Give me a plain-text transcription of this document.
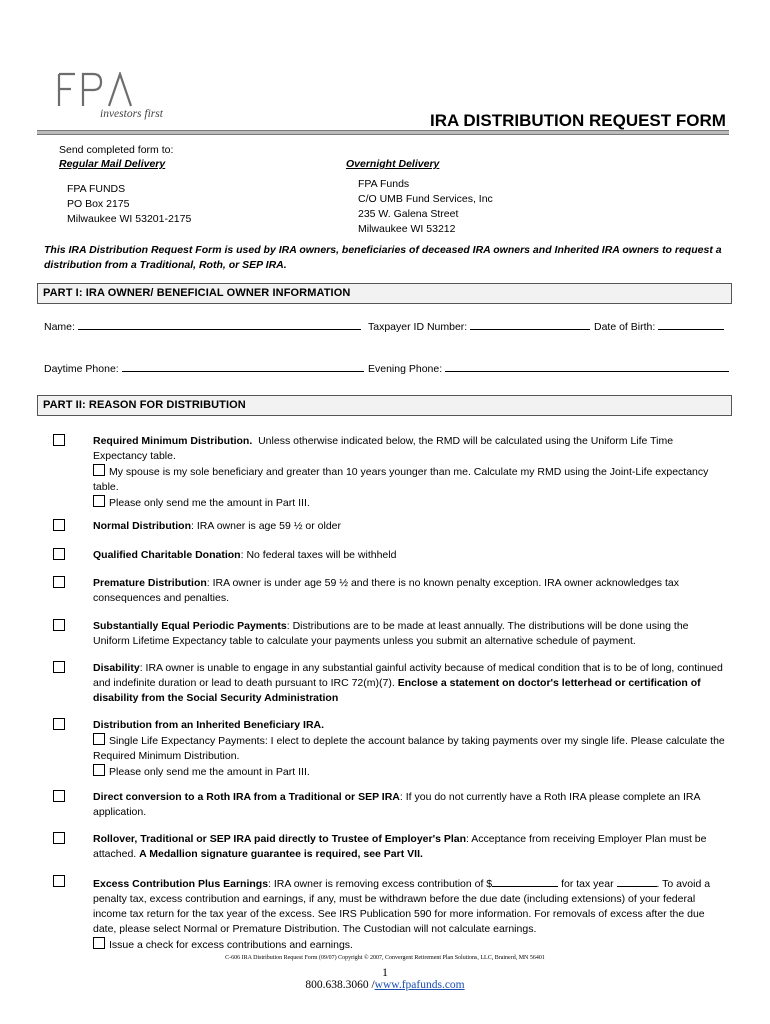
investors first	IRA DISTRIBUTION REQUEST FORM
Send completed form to:
Regular Mail Delivery	Overnight Delivery
FPA FUNDS
PO Box 2175
Milwaukee WI 53201-2175
FPA Funds
C/O UMB Fund Services, Inc
235 W. Galena Street
Milwaukee WI 53212
This IRA Distribution Request Form is used by IRA owners, beneficiaries of deceased IRA owners and Inherited IRA owners to request a
distribution from a Traditional, Roth, or SEP IRA.
PART I: IRA OWNER/ BENEFICIAL OWNER INFORMATION
Name:	Taxpayer ID Number:	Date of Birth:
Daytime Phone:	Evening Phone:
PART II: REASON FOR DISTRIBUTION
Required Minimum Distribution. Unless otherwise indicated below, the RMD will be calculated using the Uniform Life Time
Expectancy table.
My spouse is my sole beneficiary and greater than 10 years younger than me. Calculate my RMD using the Joint-Life expectancy
table.
Please only send me the amount in Part III.
Normal Distribution: IRA owner is age 59 ½ or older
Qualified Charitable Donation: No federal taxes will be withheld
Premature Distribution: IRA owner is under age 59 ½ and there is no known penalty exception. IRA owner acknowledges tax
consequences and penalties.
Substantially Equal Periodic Payments: Distributions are to be made at least annually. The distributions will be done using the
Uniform Lifetime Expectancy table to calculate your payments unless you submit an alternative schedule of payment.
Disability: IRA owner is unable to engage in any substantial gainful activity because of medical condition that is to be of long, continued
and indefinite duration or lead to death pursuant to IRC 72(m)(7). Enclose a statement on doctor's letterhead or certification of
disability from the Social Security Administration
Distribution from an Inherited Beneficiary IRA.
Single Life Expectancy Payments: I elect to deplete the account balance by taking payments over my single life. Please calculate the
Required Minimum Distribution.
Please only send me the amount in Part III.
Direct conversion to a Roth IRA from a Traditional or SEP IRA: If you do not currently have a Roth IRA please complete an IRA
application.
Rollover, Traditional or SEP IRA paid directly to Trustee of Employer's Plan: Acceptance from receiving Employer Plan must be
attached. A Medallion signature guarantee is required, see Part VII.
Excess Contribution Plus Earnings: IRA owner is removing excess contribution of $	for tax year	. To avoid a
penalty tax, excess contribution and earnings, if any, must be withdrawn before the due date (including extensions) of your federal
income tax return for the tax year of the excess. See IRS Publication 590 for more information. For removals of excess after the due
date, please select Normal or Premature Distribution. The Custodian will not calculate earnings.
Issue a check for excess contributions and earnings.
C-606 IRA Distribution Request Form (09/07) Copyright © 2007, Convergent Retirement Plan Solutions, LLC, Brainerd, MN 56401
1
800.638.3060 /www.fpafunds.com
